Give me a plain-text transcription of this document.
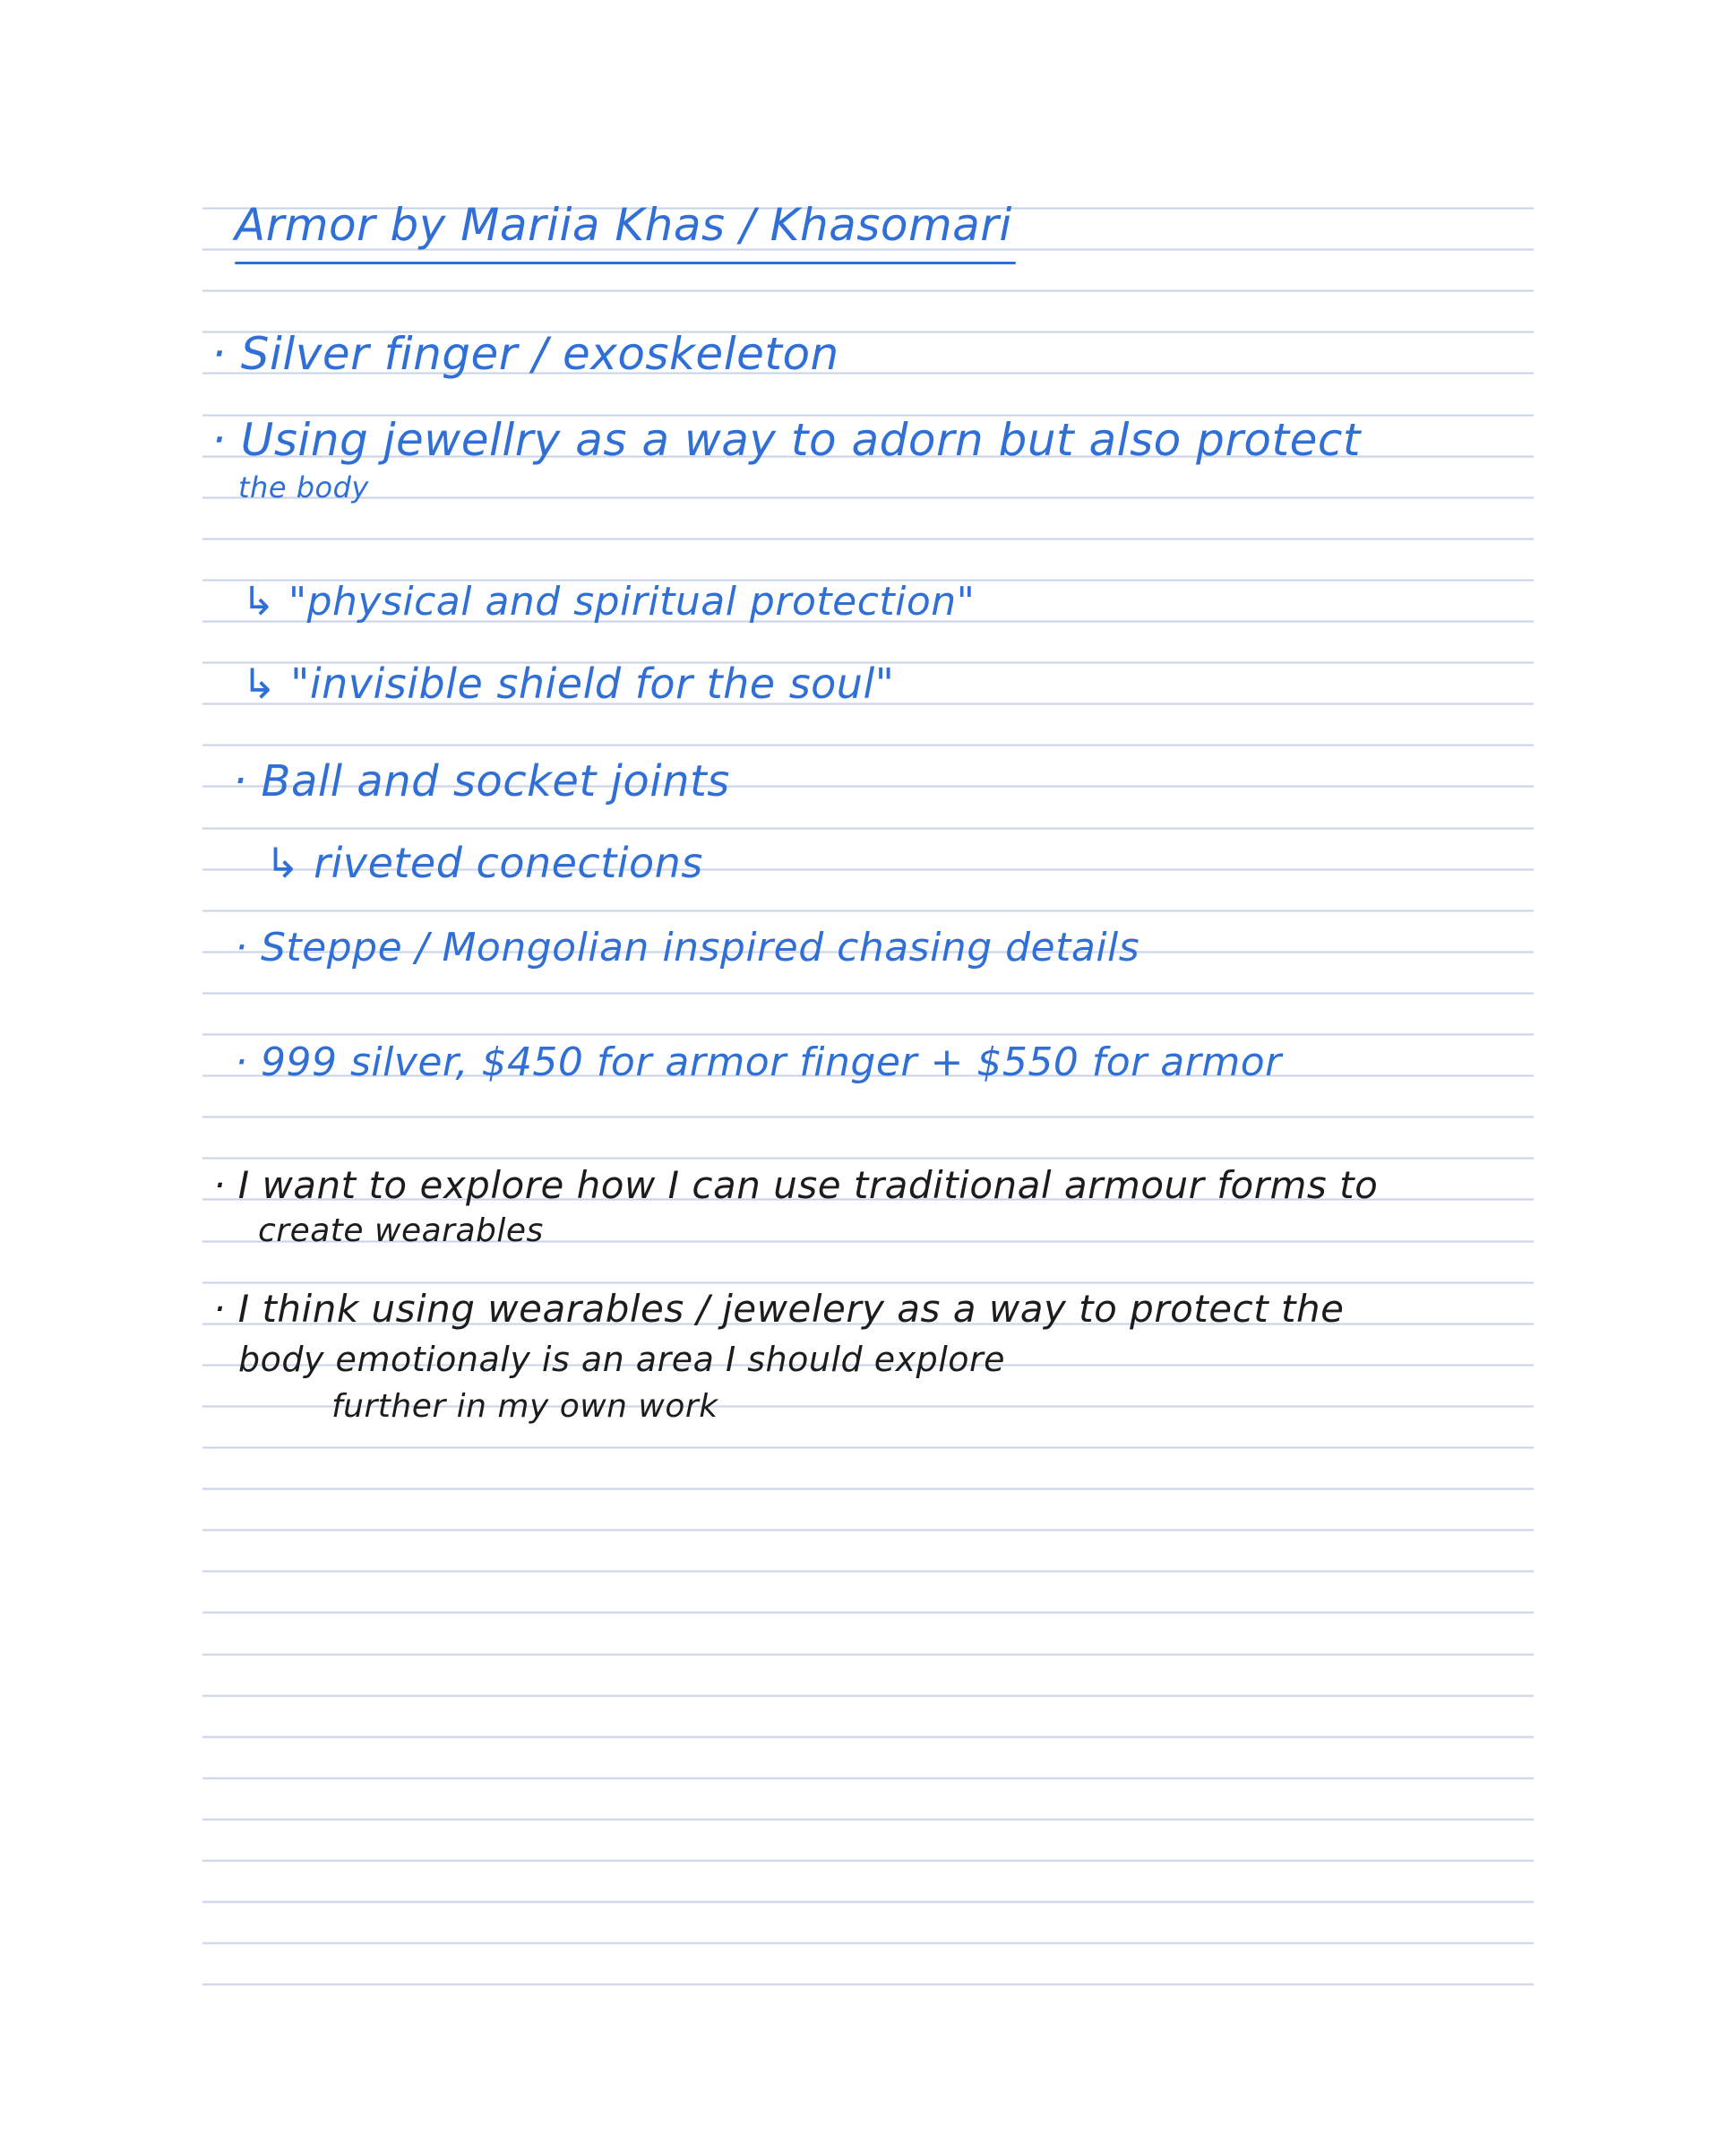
Armor by Mariia Khas / Khasomari
· Silver finger / exoskeleton
· Using jewellry as a way to adorn but also protect
the body
↳ "physical and spiritual protection"
↳ "invisible shield for the soul"
· Ball and socket joints
↳ riveted conections
· Steppe / Mongolian inspired chasing details
· 999 silver, $450 for armor finger + $550 for armor
· I want to explore how I can use traditional armour forms to
create wearables
· I think using wearables / jewelery as a way to protect the
body emotionaly is an area I should explore
further in my own work
